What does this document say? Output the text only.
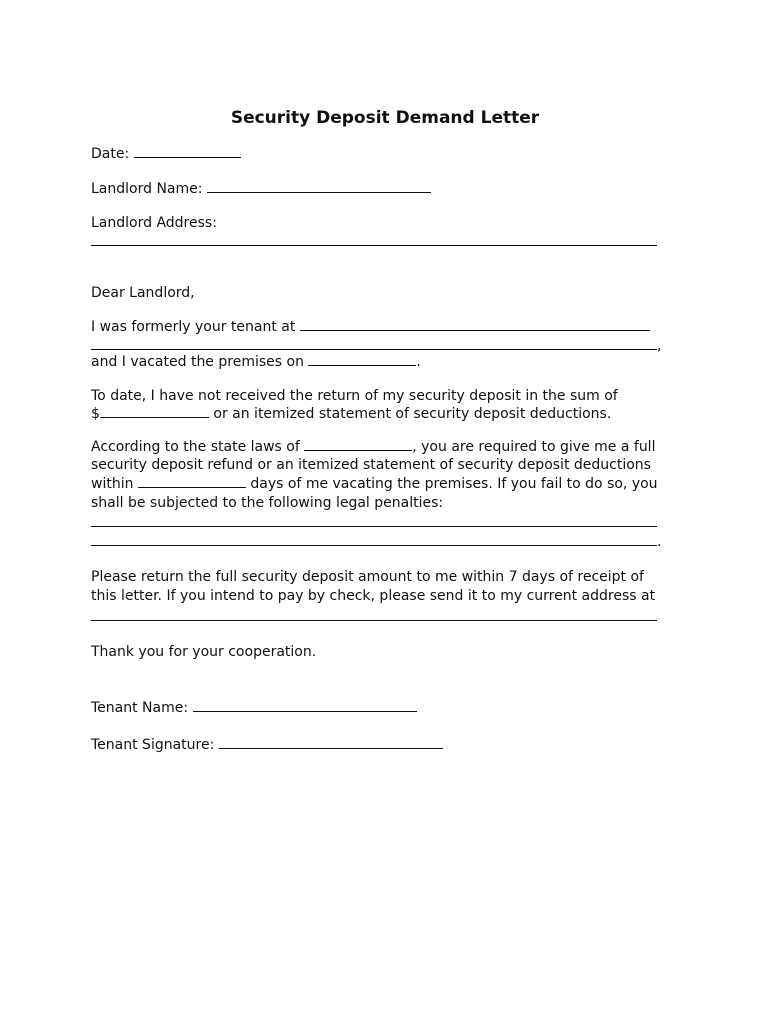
Security Deposit Demand Letter
Date:
Landlord Name:
Landlord Address:
Dear Landlord,
I was formerly your tenant at
,
and I vacated the premises on	.
To date, I have not received the return of my security deposit in the sum of
$	or an itemized statement of security deposit deductions.
According to the state laws of	, you are required to give me a full
security deposit refund or an itemized statement of security deposit deductions
within	days of me vacating the premises. If you fail to do so, you
shall be subjected to the following legal penalties:
.
Please return the full security deposit amount to me within 7 days of receipt of
this letter. If you intend to pay by check, please send it to my current address at
Thank you for your cooperation.
Tenant Name:
Tenant Signature:
